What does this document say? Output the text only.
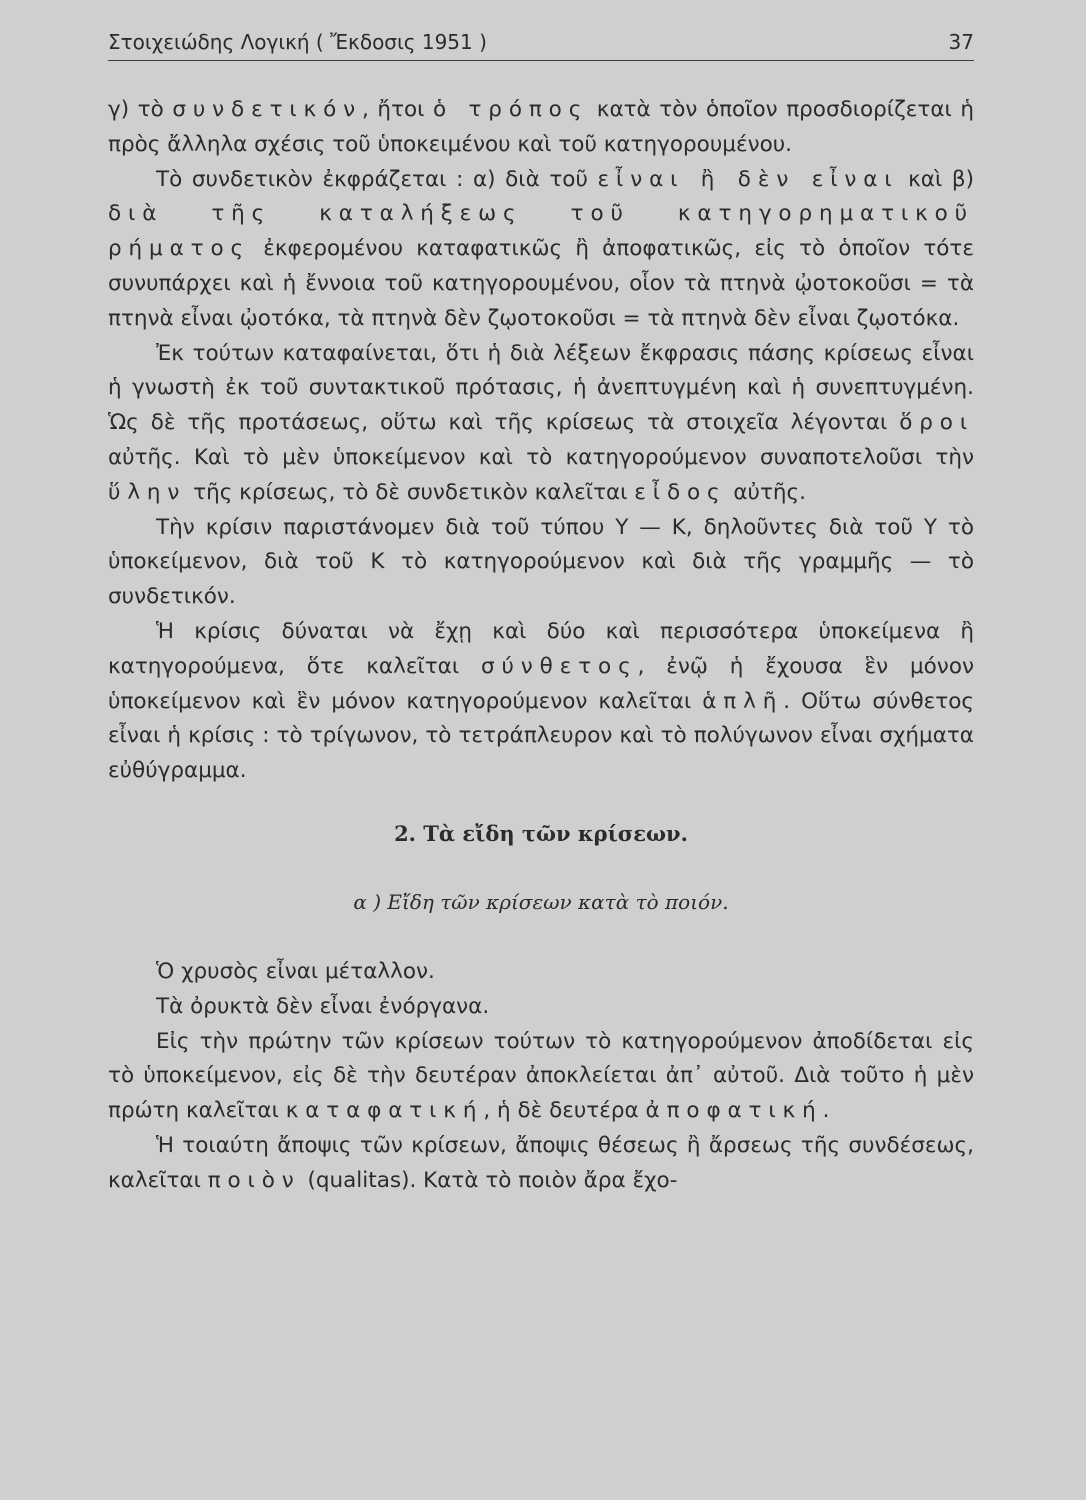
Στοιχειώδης Λογική ( Ἔκδοσις 1951 )	37

γ) τὸ συνδετικόν, ἤτοι ὁ τρόπος κατὰ τὸν ὁποῖον προσδιορίζεται ἡ πρὸς ἄλληλα σχέσις τοῦ ὑποκειμένου καὶ τοῦ κατηγορουμένου.

Τὸ συνδετικὸν ἐκφράζεται : α) διὰ τοῦ εἶναι ἢ δὲν εἶναι καὶ β) διὰ τῆς καταλήξεως τοῦ κατηγορηματικοῦ ρήματος ἐκφερομένου καταφατικῶς ἢ ἀποφατικῶς, εἰς τὸ ὁποῖον τότε συνυπάρχει καὶ ἡ ἔννοια τοῦ κατηγορουμένου, οἷον τὰ πτηνὰ ᾠοτοκοῦσι = τὰ πτηνὰ εἶναι ᾠοτόκα, τὰ πτηνὰ δὲν ζῳοτοκοῦσι = τὰ πτηνὰ δὲν εἶναι ζῳοτόκα.

Ἐκ τούτων καταφαίνεται, ὅτι ἡ διὰ λέξεων ἔκφρασις πάσης κρίσεως εἶναι ἡ γνωστὴ ἐκ τοῦ συντακτικοῦ πρότασις, ἡ ἀνεπτυγμένη καὶ ἡ συνεπτυγμένη. Ὡς δὲ τῆς προτάσεως, οὕτω καὶ τῆς κρίσεως τὰ στοιχεῖα λέγονται ὅροι αὐτῆς. Καὶ τὸ μὲν ὑποκείμενον καὶ τὸ κατηγορούμενον συναποτελοῦσι τὴν ὕλην τῆς κρίσεως, τὸ δὲ συνδετικὸν καλεῖται εἶδος αὐτῆς.

Τὴν κρίσιν παριστάνομεν διὰ τοῦ τύπου Υ — Κ, δηλοῦντες διὰ τοῦ Υ τὸ ὑποκείμενον, διὰ τοῦ Κ τὸ κατηγορούμενον καὶ διὰ τῆς γραμμῆς — τὸ συνδετικόν.

Ἡ κρίσις δύναται νὰ ἔχῃ καὶ δύο καὶ περισσότερα ὑποκείμενα ἢ κατηγορούμενα, ὅτε καλεῖται σύνθετος, ἐνῷ ἡ ἔχουσα ἓν μόνον ὑποκείμενον καὶ ἓν μόνον κατηγορούμενον καλεῖται ἁπλῆ. Οὕτω σύνθετος εἶναι ἡ κρίσις : τὸ τρίγωνον, τὸ τετράπλευρον καὶ τὸ πολύγωνον εἶναι σχήματα εὐθύγραμμα.

2. Τὰ εἴδη τῶν κρίσεων.
α ) Εἴδη τῶν κρίσεων κατὰ τὸ ποιόν.

Ὁ χρυσὸς εἶναι μέταλλον.

Τὰ ὀρυκτὰ δὲν εἶναι ἐνόργανα.

Εἰς τὴν πρώτην τῶν κρίσεων τούτων τὸ κατηγορούμενον ἀποδίδεται εἰς τὸ ὑποκείμενον, εἰς δὲ τὴν δευτέραν ἀποκλείεται ἀπ᾿ αὐτοῦ. Διὰ τοῦτο ἡ μὲν πρώτη καλεῖται καταφατική, ἡ δὲ δευτέρα ἀποφατική.

Ἡ τοιαύτη ἄποψις τῶν κρίσεων, ἄποψις θέσεως ἢ ἄρσεως τῆς συνδέσεως, καλεῖται ποιὸν (qualitas). Κατὰ τὸ ποιὸν ἄρα ἔχο-
